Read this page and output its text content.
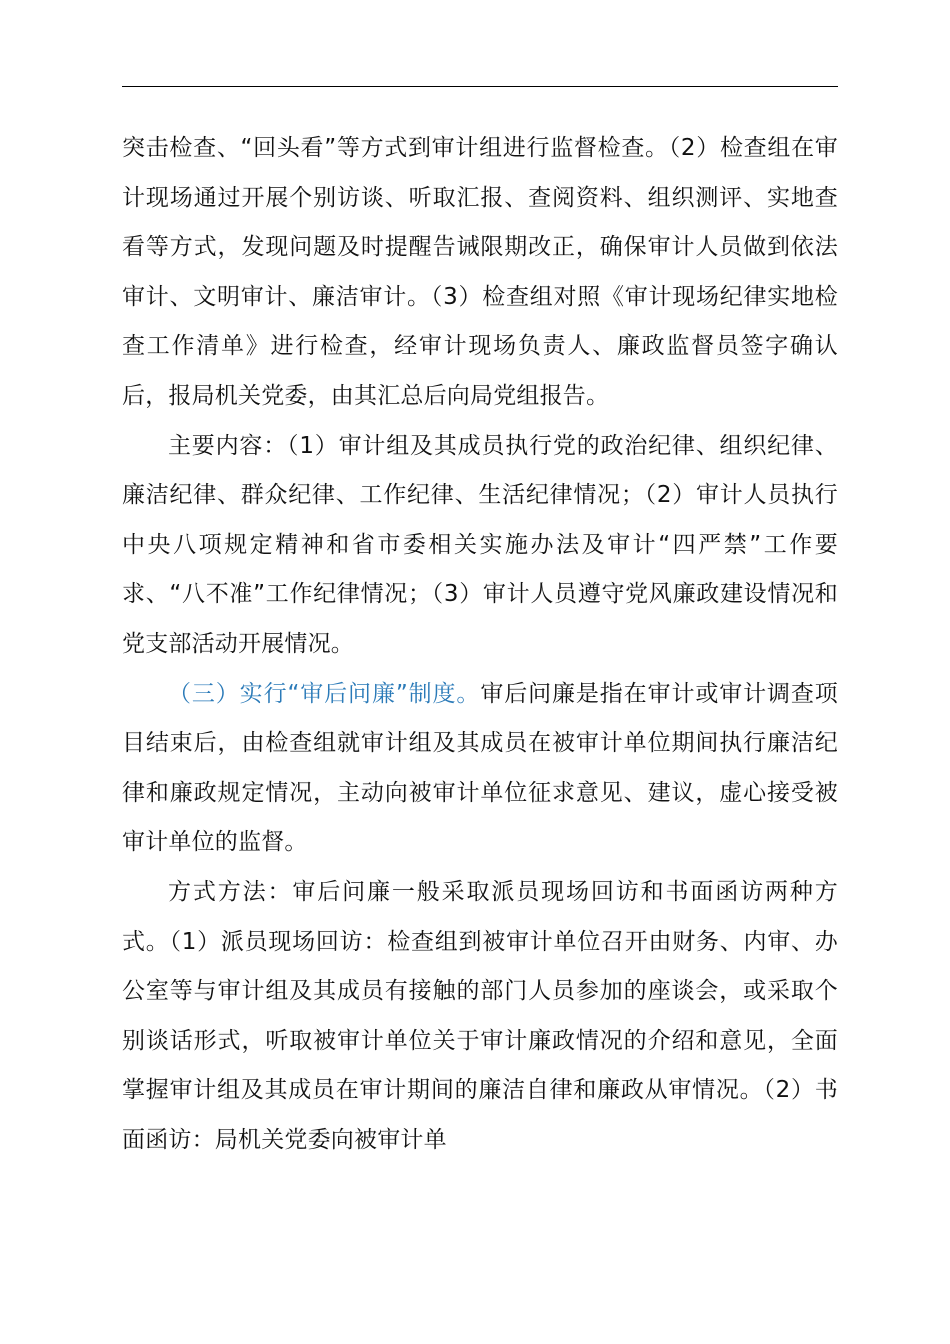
突击检查、“回头看”等方式到审计组进行监督检查。（2）检查组在审计现场通过开展个别访谈、听取汇报、查阅资料、组织测评、实地查看等方式，发现问题及时提醒告诫限期改正，确保审计人员做到依法审计、文明审计、廉洁审计。（3）检查组对照《审计现场纪律实地检查工作清单》进行检查，经审计现场负责人、廉政监督员签字确认后，报局机关党委，由其汇总后向局党组报告。

主要内容：（1）审计组及其成员执行党的政治纪律、组织纪律、廉洁纪律、群众纪律、工作纪律、生活纪律情况；（2）审计人员执行中央八项规定精神和省市委相关实施办法及审计“四严禁”工作要求、“八不准”工作纪律情况；（3）审计人员遵守党风廉政建设情况和党支部活动开展情况。

（三）实行“审后问廉”制度。审后问廉是指在审计或审计调查项目结束后，由检查组就审计组及其成员在被审计单位期间执行廉洁纪律和廉政规定情况，主动向被审计单位征求意见、建议，虚心接受被审计单位的监督。

方式方法：审后问廉一般采取派员现场回访和书面函访两种方式。（1）派员现场回访：检查组到被审计单位召开由财务、内审、办公室等与审计组及其成员有接触的部门人员参加的座谈会，或采取个别谈话形式，听取被审计单位关于审计廉政情况的介绍和意见，全面掌握审计组及其成员在审计期间的廉洁自律和廉政从审情况。（2）书面函访：局机关党委向被审计单
